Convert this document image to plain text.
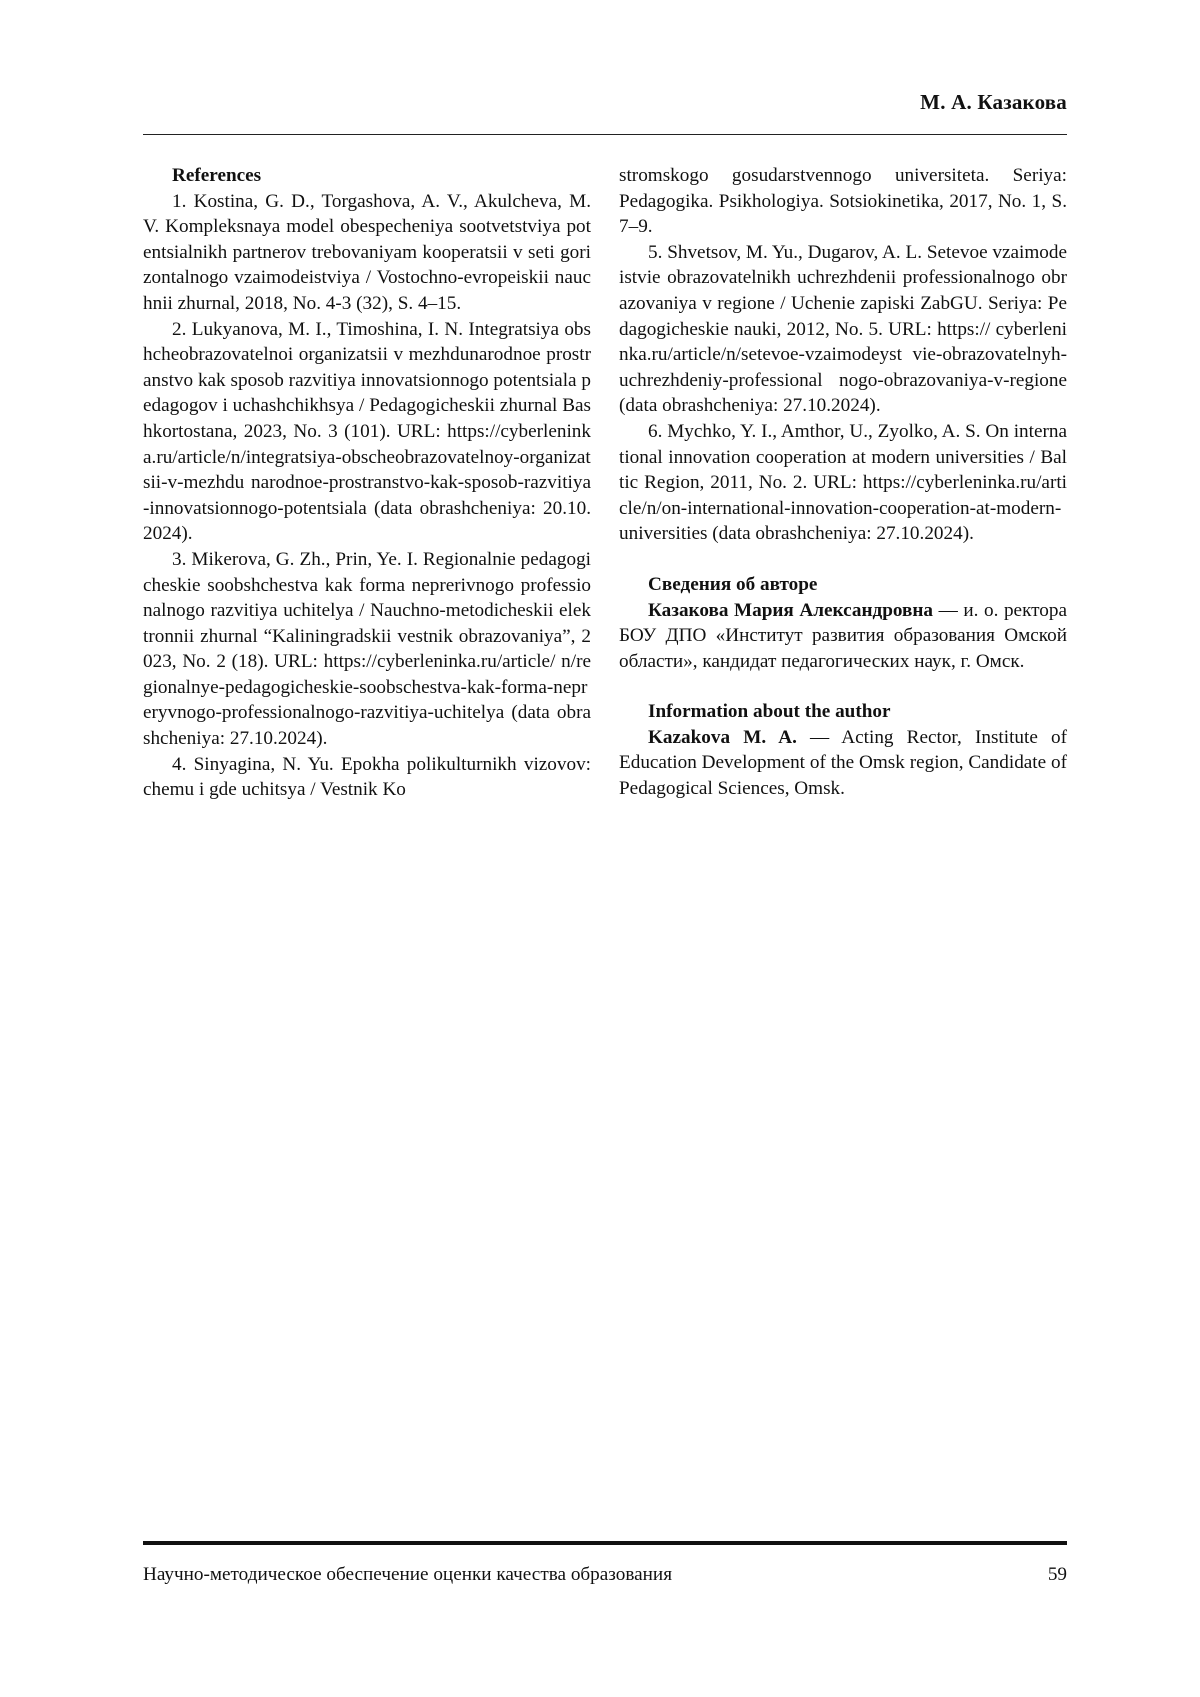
М. А. Казакова
References

1. Kostina, G. D., Torgashova, A. V., Akulcheva, M. V. Kompleksnaya model obespecheniya sootvetstviya potentsialnikh part­nerov trebovaniyam kooperatsii v seti gorizontal­nogo vzaimodeistviya / Vostochno-evropeiskii nauchnii zhurnal, 2018, No. 4-3 (32), S. 4–15.

2. Lukyanova, M. I., Timoshina, I. N. Inte­gratsiya obshcheobrazovatelnoi organizatsii v mezhdunarodnoe prostranstvo kak sposob razvitiya innovatsionnogo potentsiala pedagogov i uchashchikhsya / Pedagogicheskii zhurnal Bashkortostana, 2023, No. 3 (101). URL: https://cyberleninka.ru/article/n/integratsiya-obscheobrazovatelnoy-organizatsii-v-mezhdu narodnoe-prostranstvo-kak-sposob-razvitiya-innovatsionnogo-potentsiala (data obrashcheni­ya: 20.10.2024).

3. Mikerova, G. Zh., Prin, Ye. I. Regionalnie pedagogicheskie soobshchestva kak forma nepre­rivnogo professionalnogo razvitiya uchitelya / Nauchno-metodicheskii elektronnii zhurnal “Ka­liningradskii vestnik obrazovaniya”, 2023, No. 2 (18). URL: https://cyberleninka.ru/article/ n/regionalnye-pedagogicheskie-soobschestva-kak-forma-nepreryvnogo-professionalnogo-razvitiya-uchitelya (data obrashcheniya: 27.10.2024).

4. Sinyagina, N. Yu. Epokha polikulturnikh vizovov: chemu i gde uchitsya / Vestnik Ko­

stromskogo gosudarstvennogo universiteta. Seri­ya: Pedagogika. Psikhologiya. Sotsiokinetika, 2017, No. 1, S. 7–9.

5. Shvetsov, M. Yu., Dugarov, A. L. Setevoe vzaimodeistvie obrazovatelnikh uchrezhdenii professionalnogo obrazovaniya v regione / Uchenie zapiski ZabGU. Seriya: Pedagogicheskie nauki, 2012, No. 5. URL: https:// cyberleninka.ru/article/n/setevoe-vzaimodeyst vie-obrazovatelnyh-uchrezhdeniy-professional nogo-obrazovaniya-v-regione (data obrashcheni­ya: 27.10.2024).

6. Mychko, Y. I., Amthor, U., Zyolko, A. S. On international innovation cooperation at modern universities / Baltic Region, 2011, No. 2. URL: https://cyberleninka.ru/article/n/on-international-innovation-cooperation-at-modern-universities (data obrashcheniya: 27.10.2024).

Сведения об авторе

Казакова Мария Александровна — и. о. ректора БОУ ДПО «Институт развития обра­зования Омской области», кандидат педагоги­ческих наук, г. Омск.

Information about the author

Kazakova M. A. — Acting Rector, Institute of Education Development of the Omsk region, Candidate of Pedagogical Sciences, Omsk.

Научно-методическое обеспечение оценки качества образования	59
